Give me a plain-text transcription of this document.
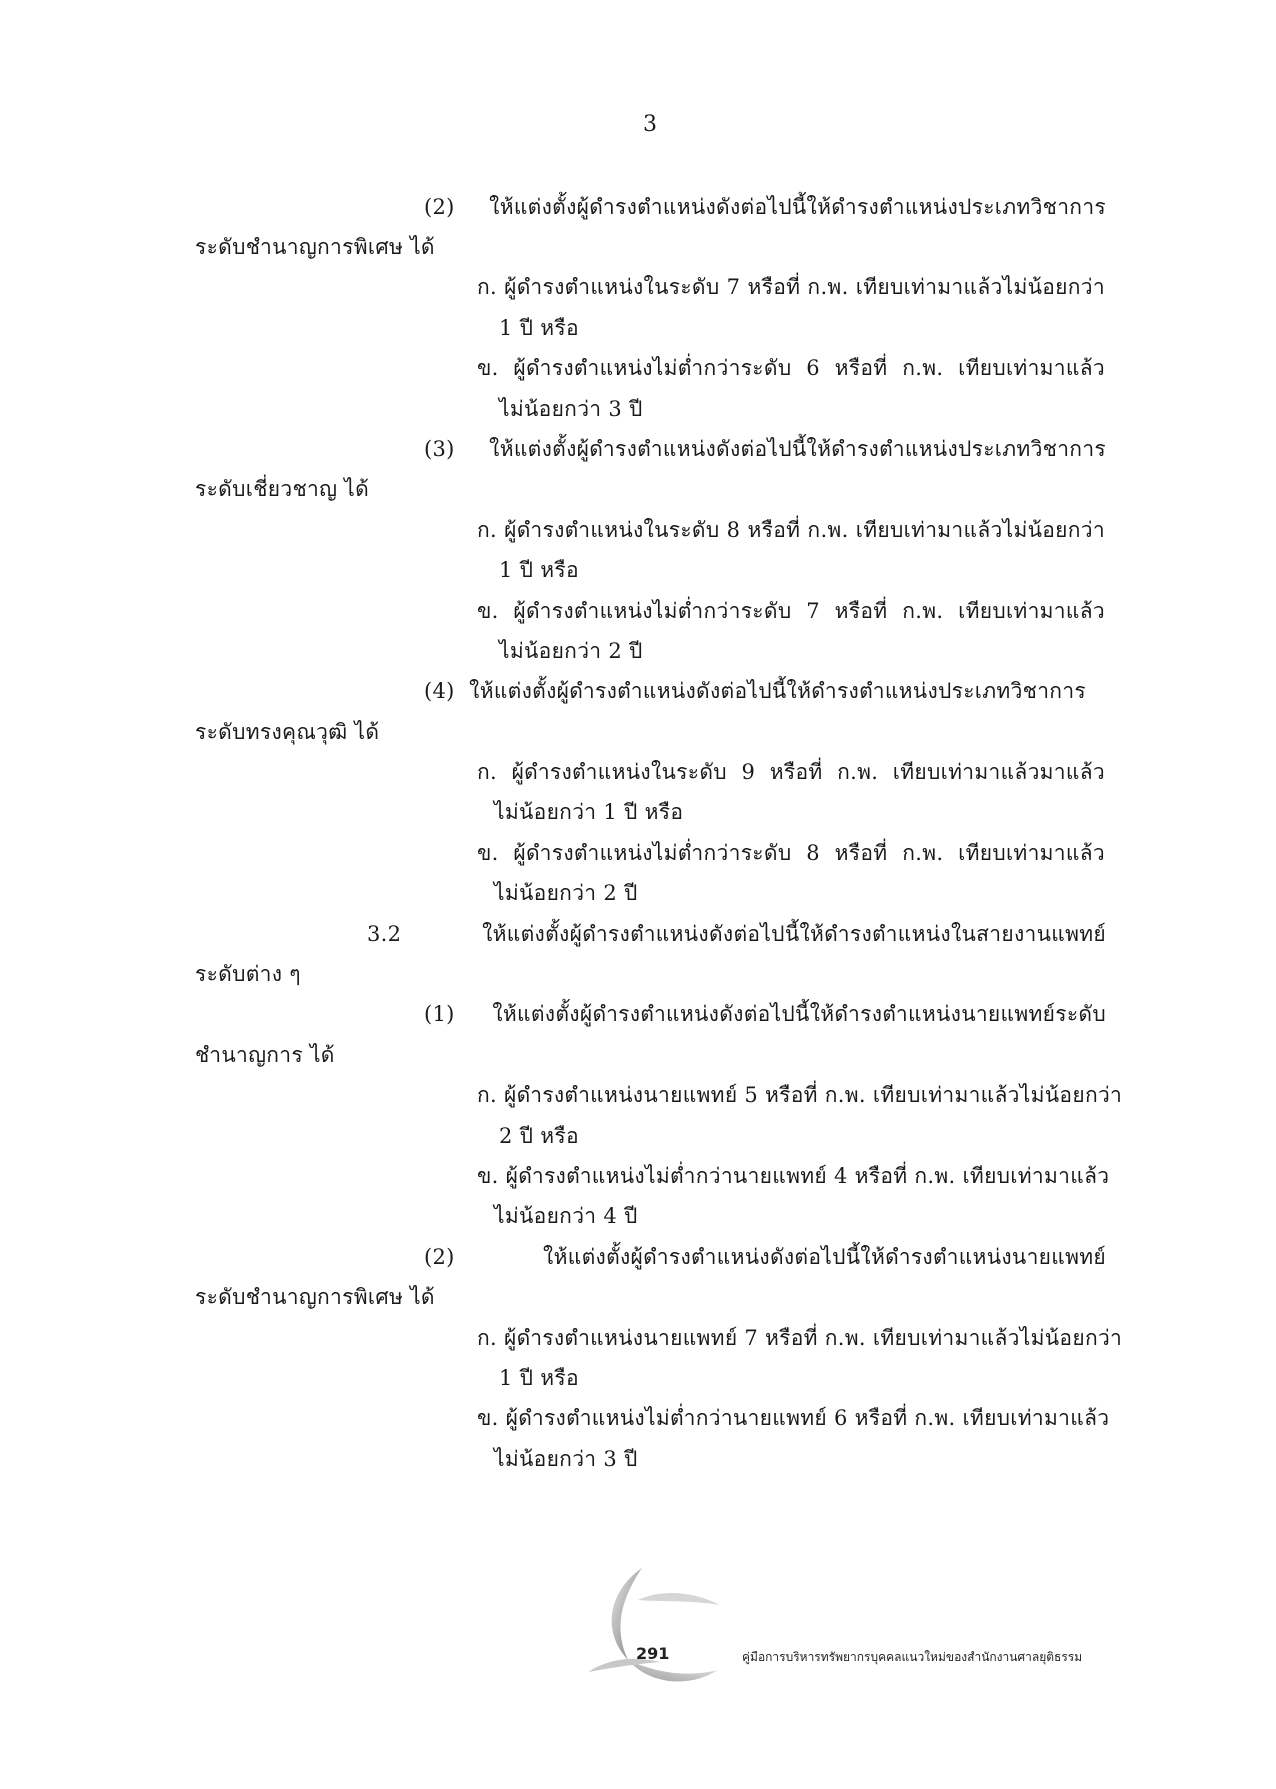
3
(2) ให้แต่งตั้งผู้ดำรงตำแหน่งดังต่อไปนี้ให้ดำรงตำแหน่งประเภทวิชาการ
ระดับชำนาญการพิเศษ ได้
ก. ผู้ดำรงตำแหน่งในระดับ 7 หรือที่ ก.พ. เทียบเท่ามาแล้วไม่น้อยกว่า
1 ปี หรือ
ข. ผู้ดำรงตำแหน่งไม่ต่ำกว่าระดับ 6 หรือที่ ก.พ. เทียบเท่ามาแล้ว
ไม่น้อยกว่า 3 ปี
(3) ให้แต่งตั้งผู้ดำรงตำแหน่งดังต่อไปนี้ให้ดำรงตำแหน่งประเภทวิชาการ
ระดับเชี่ยวชาญ ได้
ก. ผู้ดำรงตำแหน่งในระดับ 8 หรือที่ ก.พ. เทียบเท่ามาแล้วไม่น้อยกว่า
1 ปี หรือ
ข. ผู้ดำรงตำแหน่งไม่ต่ำกว่าระดับ 7 หรือที่ ก.พ. เทียบเท่ามาแล้ว
ไม่น้อยกว่า 2 ปี
(4) ให้แต่งตั้งผู้ดำรงตำแหน่งดังต่อไปนี้ให้ดำรงตำแหน่งประเภทวิชาการ
ระดับทรงคุณวุฒิ ได้
ก. ผู้ดำรงตำแหน่งในระดับ 9 หรือที่ ก.พ. เทียบเท่ามาแล้วมาแล้ว
ไม่น้อยกว่า 1 ปี หรือ
ข. ผู้ดำรงตำแหน่งไม่ต่ำกว่าระดับ 8 หรือที่ ก.พ. เทียบเท่ามาแล้ว
ไม่น้อยกว่า 2 ปี
3.2 ให้แต่งตั้งผู้ดำรงตำแหน่งดังต่อไปนี้ให้ดำรงตำแหน่งในสายงานแพทย์
ระดับต่าง ๆ
(1) ให้แต่งตั้งผู้ดำรงตำแหน่งดังต่อไปนี้ให้ดำรงตำแหน่งนายแพทย์ระดับ
ชำนาญการ ได้
ก. ผู้ดำรงตำแหน่งนายแพทย์ 5 หรือที่ ก.พ. เทียบเท่ามาแล้วไม่น้อยกว่า
2 ปี หรือ
ข. ผู้ดำรงตำแหน่งไม่ต่ำกว่านายแพทย์ 4 หรือที่ ก.พ. เทียบเท่ามาแล้ว
ไม่น้อยกว่า 4 ปี
(2) ให้แต่งตั้งผู้ดำรงตำแหน่งดังต่อไปนี้ให้ดำรงตำแหน่งนายแพทย์
ระดับชำนาญการพิเศษ ได้
ก. ผู้ดำรงตำแหน่งนายแพทย์ 7 หรือที่ ก.พ. เทียบเท่ามาแล้วไม่น้อยกว่า
1 ปี หรือ
ข. ผู้ดำรงตำแหน่งไม่ต่ำกว่านายแพทย์ 6 หรือที่ ก.พ. เทียบเท่ามาแล้ว
ไม่น้อยกว่า 3 ปี
291	คู่มือการบริหารทรัพยากรบุคคลแนวใหม่ของสำนักงานศาลยุติธรรม
